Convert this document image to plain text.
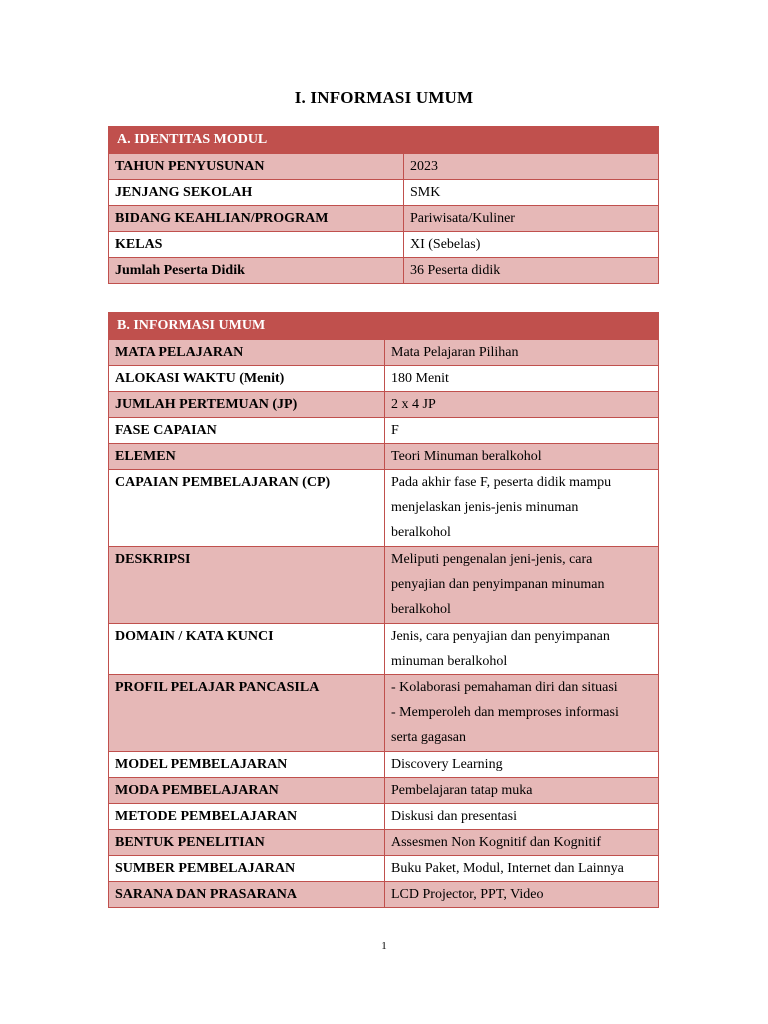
I. INFORMASI UMUM
A. IDENTITAS MODUL	
TAHUN PENYUSUNAN	2023
JENJANG SEKOLAH	SMK
BIDANG KEAHLIAN/PROGRAM	Pariwisata/Kuliner
KELAS	XI (Sebelas)
Jumlah Peserta Didik	36 Peserta didik
B. INFORMASI UMUM	
MATA PELAJARAN	Mata Pelajaran Pilihan
ALOKASI WAKTU (Menit)	180 Menit
JUMLAH PERTEMUAN (JP)	2 x 4 JP
FASE CAPAIAN	F
ELEMEN	Teori Minuman beralkohol
CAPAIAN PEMBELAJARAN (CP)	Pada akhir fase F, peserta didik mampu
menjelaskan jenis-jenis minuman
beralkohol

DESKRIPSI	Meliputi pengenalan jeni-jenis, cara
penyajian dan penyimpanan minuman
beralkohol

DOMAIN / KATA KUNCI	Jenis, cara penyajian dan penyimpanan
minuman beralkohol

PROFIL PELAJAR PANCASILA	- Kolaborasi pemahaman diri dan situasi
- Memperoleh dan memproses informasi
serta gagasan

MODEL PEMBELAJARAN	Discovery Learning
MODA PEMBELAJARAN	Pembelajaran tatap muka
METODE PEMBELAJARAN	Diskusi dan presentasi
BENTUK PENELITIAN	Assesmen Non Kognitif dan Kognitif
SUMBER PEMBELAJARAN	Buku Paket, Modul, Internet dan Lainnya
SARANA DAN PRASARANA	LCD Projector, PPT, Video
1
